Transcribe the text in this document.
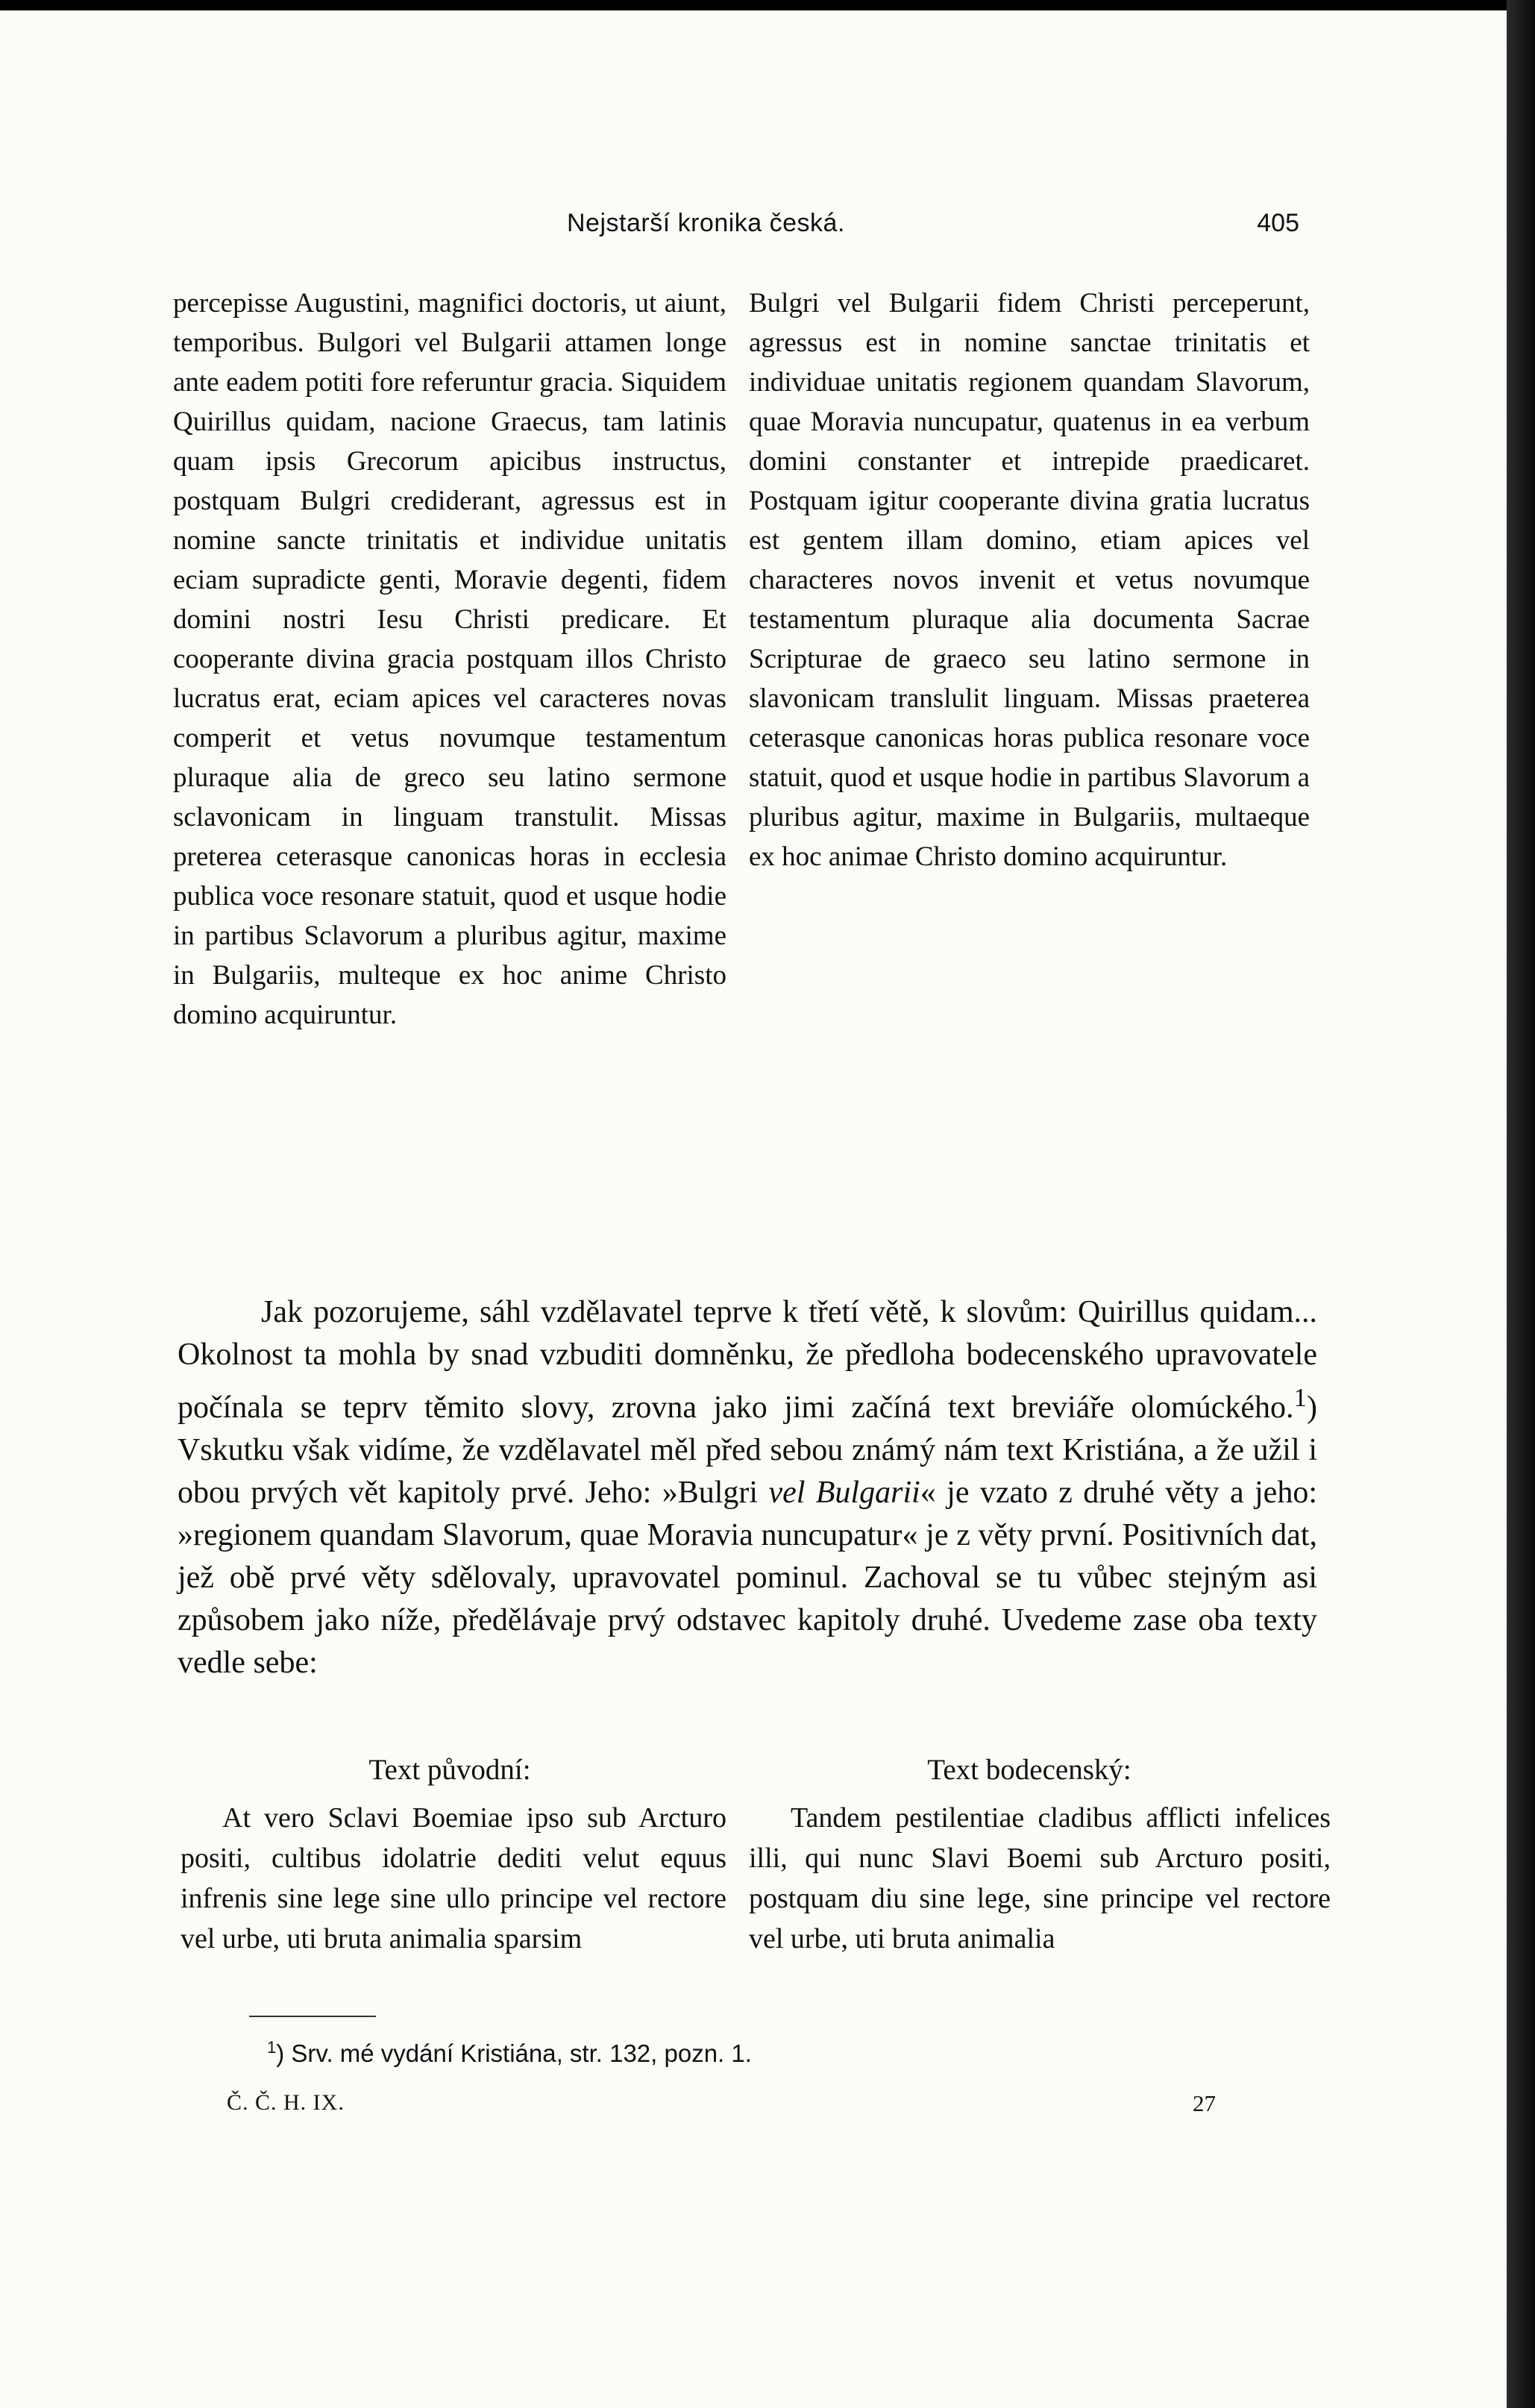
Nejstarší kronika česká.	405

percepisse Augustini, magnifici doctoris, ut aiunt, temporibus. Bulgori vel Bulgarii attamen longe ante eadem potiti fore referuntur gracia. Siquidem Quirillus quidam, nacione Graecus, tam latinis quam ipsis Grecorum apicibus instructus, postquam Bulgri crediderant, agressus est in nomine sancte trinitatis et individue unitatis eciam supradicte genti, Moravie degenti, fidem domini nostri Iesu Christi predicare. Et cooperante divina gracia postquam illos Christo lucratus erat, eciam apices vel caracteres novas comperit et vetus novumque testamentum pluraque alia de greco seu latino sermone sclavonicam in linguam transtulit. Missas preterea ceterasque canonicas horas in ecclesia publica voce resonare statuit, quod et usque hodie in partibus Sclavorum a pluribus agitur, maxime in Bulgariis, multeque ex hoc anime Christo domino acquiruntur.

Bulgri vel Bulgarii fidem Christi perceperunt, agressus est in nomine sanctae trinitatis et individuae unitatis regionem quandam Slavorum, quae Moravia nuncupatur, quatenus in ea verbum domini constanter et intrepide praedicaret. Postquam igitur cooperante divina gratia lucratus est gentem illam domino, etiam apices vel characteres novos invenit et vetus novumque testamentum pluraque alia documenta Sacrae Scripturae de graeco seu latino sermone in slavonicam translulit linguam. Missas praeterea ceterasque canonicas horas publica resonare voce statuit, quod et usque hodie in partibus Slavorum a pluribus agitur, maxime in Bulgariis, multaeque ex hoc animae Christo domino acquiruntur.

Jak pozorujeme, sáhl vzdělavatel teprve k třetí větě, k slovům: Quirillus quidam... Okolnost ta mohla by snad vzbuditi domněnku, že předloha bodecenského upravovatele počínala se teprv těmito slovy, zrovna jako jimi začíná text breviáře olomúckého.$^1$) Vskutku však vidíme, že vzdělavatel měl před sebou známý nám text Kristiána, a že užil i obou prvých vět kapitoly prvé. Jeho: »Bulgri vel Bulgarii« je vzato z druhé věty a jeho: »regionem quandam Slavorum, quae Moravia nuncupatur« je z věty první. Positivních dat, jež obě prvé věty sdělovaly, upravovatel pominul. Zachoval se tu vůbec stejným asi způsobem jako níže, předělávaje prvý odstavec kapitoly druhé. Uvedeme zase oba texty vedle sebe:

Text původní:	Text bodecenský:

At vero Sclavi Boemiae ipso sub Arcturo positi, cultibus idolatrie dediti velut equus infrenis sine lege sine ullo principe vel rectore vel urbe, uti bruta animalia sparsim

Tandem pestilentiae cladibus afflicti infelices illi, qui nunc Slavi Boemi sub Arcturo positi, postquam diu sine lege, sine principe vel rectore vel urbe, uti bruta animalia

$^1$) Srv. mé vydání Kristiána, str. 132, pozn. 1.

Č. Č. H. IX.	27
